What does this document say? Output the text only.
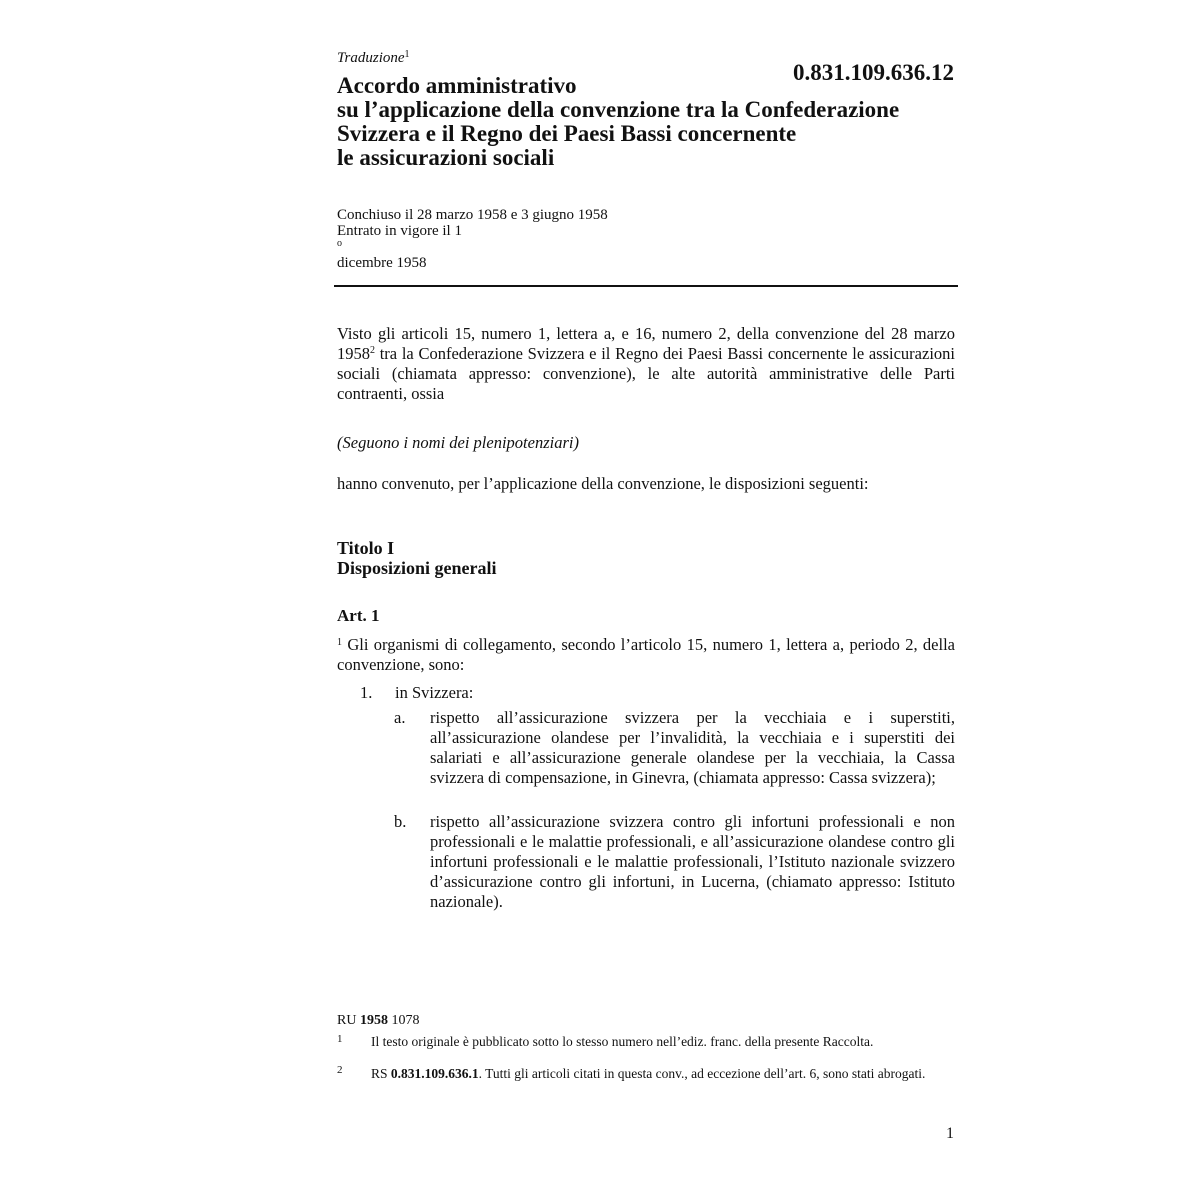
Traduzione$^1$
0.831.109.636.12
Accordo amministrativo
su l’applicazione della convenzione tra la Confederazione
Svizzera e il Regno dei Paesi Bassi concernente
le assicurazioni sociali
Conchiuso il 28 marzo 1958 e 3 giugno 1958
Entrato in vigore il 1
$^o$
dicembre 1958

Visto gli articoli 15, numero 1, lettera a, e 16, numero 2, della convenzione del 28 marzo 1958$^2$ tra la Confederazione Svizzera e il Regno dei Paesi Bassi concernente le assicurazioni sociali (chiamata appresso: convenzione), le alte autorità amministrative delle Parti contraenti, ossia

(Seguono i nomi dei plenipotenziari)
hanno convenuto, per l’applicazione della convenzione, le disposizioni seguenti:
Titolo I
Disposizioni generali
Art. 1

$^1$ Gli organismi di collegamento, secondo l’articolo 15, numero 1, lettera a, periodo 2, della convenzione, sono:

1. in Svizzera:
a. rispetto all’assicurazione svizzera per la vecchiaia e i superstiti, all’assicurazione olandese per l’invalidità, la vecchiaia e i superstiti dei salariati e all’assicurazione generale olandese per la vecchiaia, la Cassa svizzera di compensazione, in Ginevra, (chiamata appresso: Cassa svizzera);
b. rispetto all’assicurazione svizzera contro gli infortuni professionali e non professionali e le malattie professionali, e all’assicurazione olandese contro gli infortuni professionali e le malattie professionali, l’Istituto nazionale svizzero d’assicurazione contro gli infortuni, in Lucerna, (chiamato appresso: Istituto nazionale).
RU 1958 1078
1 Il testo originale è pubblicato sotto lo stesso numero nell’ediz. franc. della presente Raccolta.
2 RS 0.831.109.636.1. Tutti gli articoli citati in questa conv., ad eccezione dell’art. 6, sono stati abrogati.
1
